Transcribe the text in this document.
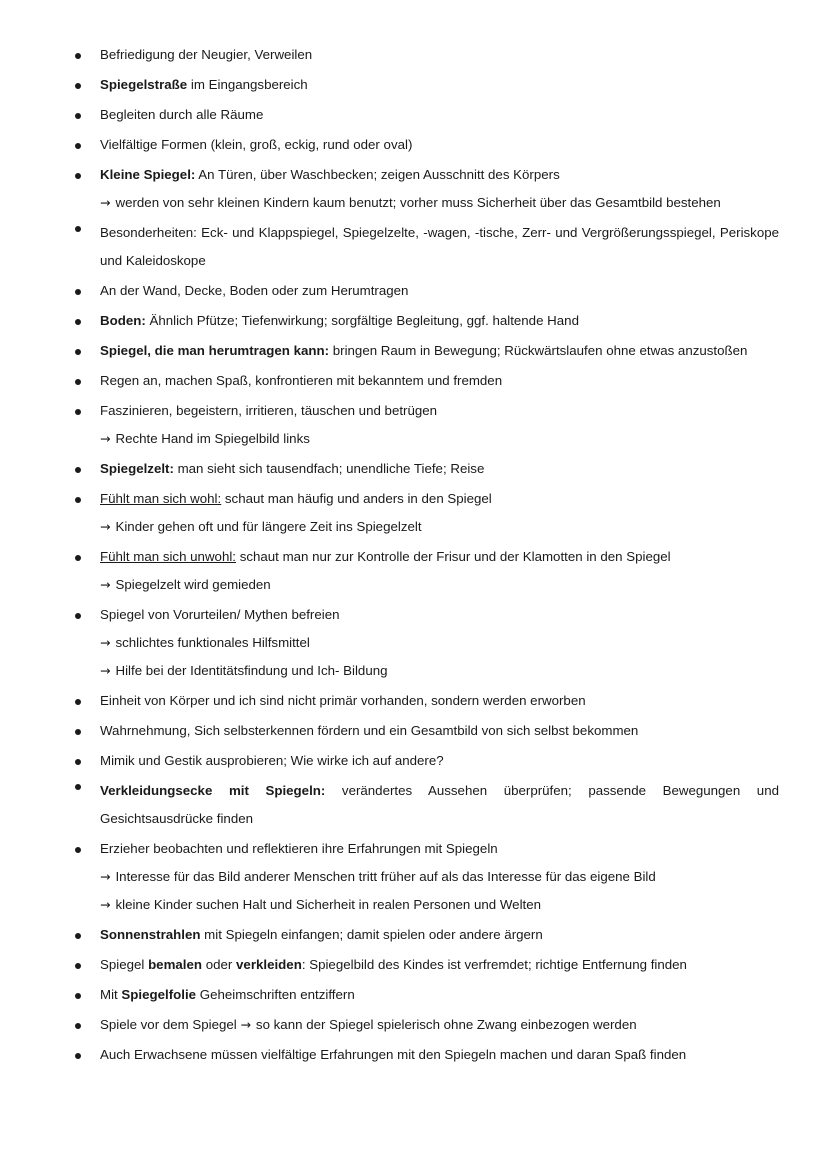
Befriedigung der Neugier, Verweilen
Spiegelstraße im Eingangsbereich
Begleiten durch alle Räume
Vielfältige Formen (klein, groß, eckig, rund oder oval)
Kleine Spiegel: An Türen, über Waschbecken; zeigen Ausschnitt des Körpers
→ werden von sehr kleinen Kindern kaum benutzt; vorher muss Sicherheit über das Gesamtbild bestehen
Besonderheiten: Eck- und Klappspiegel, Spiegelzelte, -wagen, -tische, Zerr- und Vergrößerungsspiegel, Periskope und Kaleidoskope
An der Wand, Decke, Boden oder zum Herumtragen
Boden: Ähnlich Pfütze; Tiefenwirkung; sorgfältige Begleitung, ggf. haltende Hand
Spiegel, die man herumtragen kann: bringen Raum in Bewegung; Rückwärtslaufen ohne etwas anzustoßen
Regen an, machen Spaß, konfrontieren mit bekanntem und fremden
Faszinieren, begeistern, irritieren, täuschen und betrügen
→ Rechte Hand im Spiegelbild links
Spiegelzelt: man sieht sich tausendfach; unendliche Tiefe; Reise
Fühlt man sich wohl: schaut man häufig und anders in den Spiegel
→ Kinder gehen oft und für längere Zeit ins Spiegelzelt
Fühlt man sich unwohl: schaut man nur zur Kontrolle der Frisur und der Klamotten in den Spiegel
→ Spiegelzelt wird gemieden
Spiegel von Vorurteilen/ Mythen befreien
→ schlichtes funktionales Hilfsmittel
→ Hilfe bei der Identitätsfindung und Ich- Bildung
Einheit von Körper und ich sind nicht primär vorhanden, sondern werden erworben
Wahrnehmung, Sich selbsterkennen fördern und ein Gesamtbild von sich selbst bekommen
Mimik und Gestik ausprobieren; Wie wirke ich auf andere?
Verkleidungsecke mit Spiegeln: verändertes Aussehen überprüfen; passende Bewegungen und Gesichtsausdrücke finden
Erzieher beobachten und reflektieren ihre Erfahrungen mit Spiegeln
→ Interesse für das Bild anderer Menschen tritt früher auf als das Interesse für das eigene Bild
→ kleine Kinder suchen Halt und Sicherheit in realen Personen und Welten
Sonnenstrahlen mit Spiegeln einfangen; damit spielen oder andere ärgern
Spiegel bemalen oder verkleiden: Spiegelbild des Kindes ist verfremdet; richtige Entfernung finden
Mit Spiegelfolie Geheimschriften entziffern
Spiele vor dem Spiegel → so kann der Spiegel spielerisch ohne Zwang einbezogen werden
Auch Erwachsene müssen vielfältige Erfahrungen mit den Spiegeln machen und daran Spaß finden
